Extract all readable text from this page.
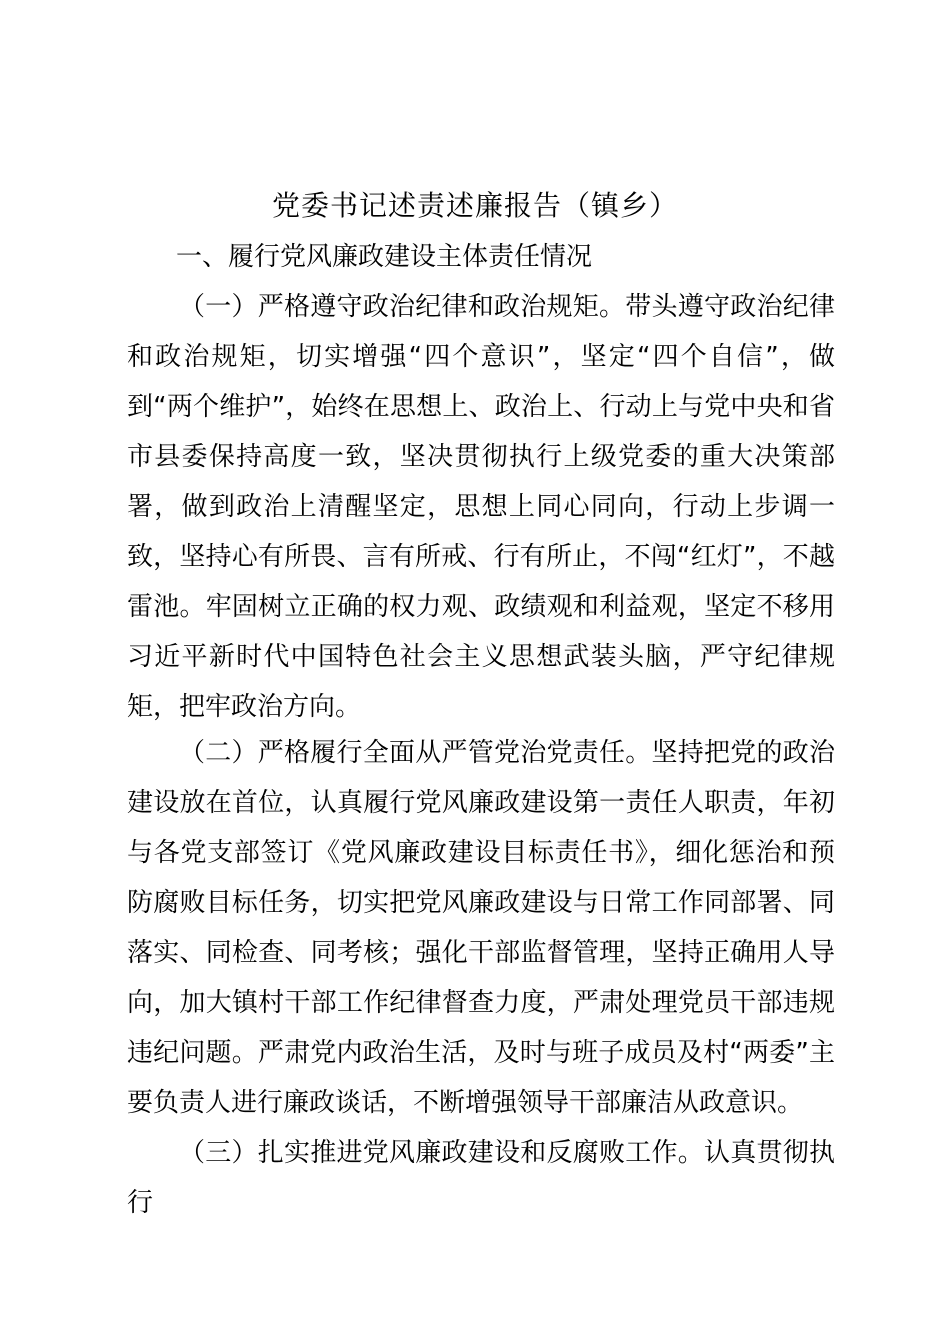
党委书记述责述廉报告（镇乡）
一、履行党风廉政建设主体责任情况

（一）严格遵守政治纪律和政治规矩。带头遵守政治纪律和政治规矩，切实增强“四个意识”，坚定“四个自信”，做到“两个维护”，始终在思想上、政治上、行动上与党中央和省市县委保持高度一致，坚决贯彻执行上级党委的重大决策部署，做到政治上清醒坚定，思想上同心同向，行动上步调一致，坚持心有所畏、言有所戒、行有所止，不闯“红灯”，不越雷池。牢固树立正确的权力观、政绩观和利益观，坚定不移用习近平新时代中国特色社会主义思想武装头脑，严守纪律规矩，把牢政治方向。

（二）严格履行全面从严管党治党责任。坚持把党的政治建设放在首位，认真履行党风廉政建设第一责任人职责，年初与各党支部签订《党风廉政建设目标责任书》，细化惩治和预防腐败目标任务，切实把党风廉政建设与日常工作同部署、同落实、同检查、同考核；强化干部监督管理，坚持正确用人导向，加大镇村干部工作纪律督查力度，严肃处理党员干部违规违纪问题。严肃党内政治生活，及时与班子成员及村“两委”主要负责人进行廉政谈话，不断增强领导干部廉洁从政意识。

（三）扎实推进党风廉政建设和反腐败工作。认真贯彻执行
